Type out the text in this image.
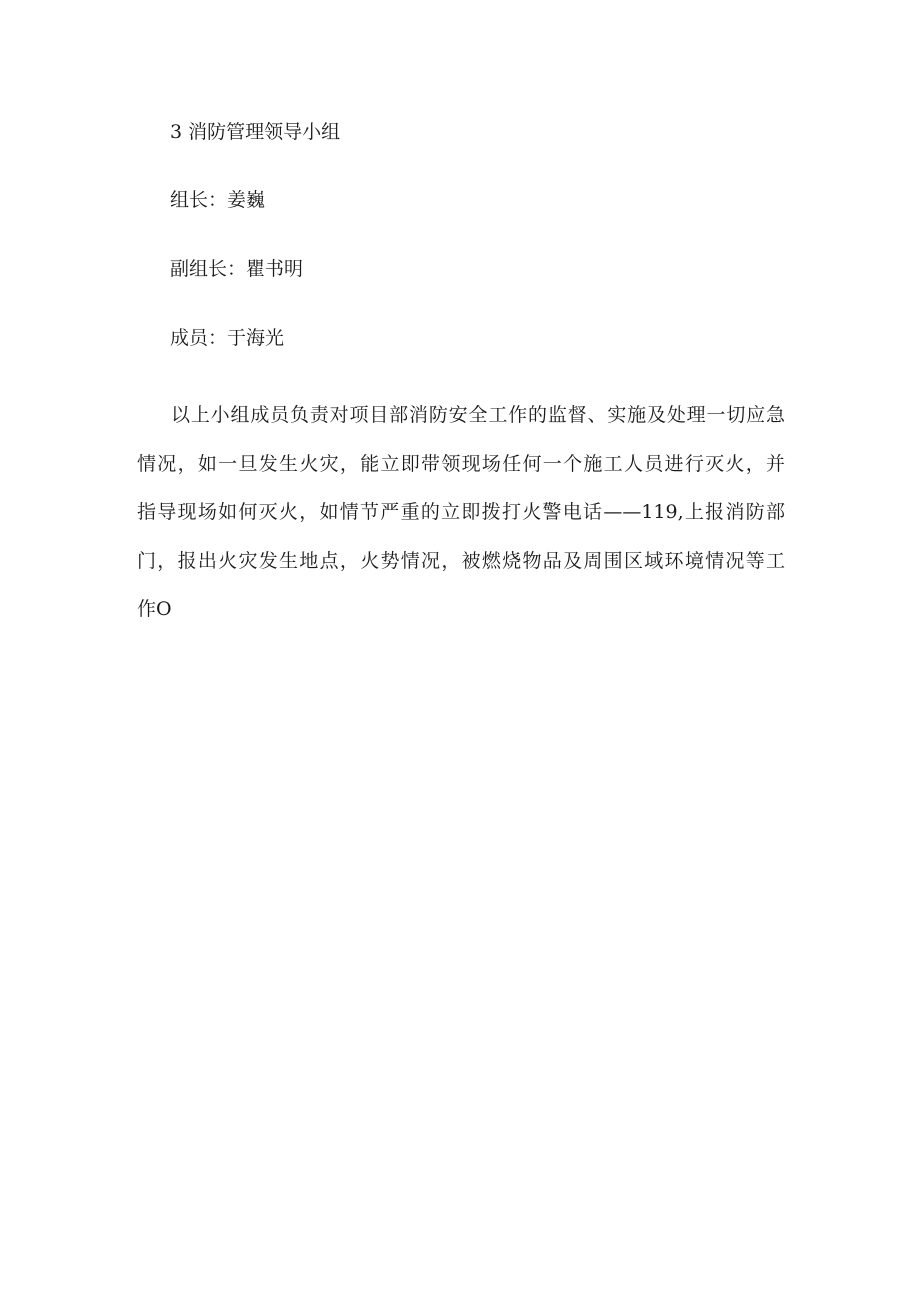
3 消防管理领导小组
组长：姜巍
副组长：瞿书明
成员：于海光
以上小组成员负责对项目部消防安全工作的监督、实施及处理一切应急
情况，如一旦发生火灾，能立即带领现场任何一个施工人员进行灭火，并
指导现场如何灭火，如情节严重的立即拨打火警电话——119,上报消防部
门，报出火灾发生地点，火势情况，被燃烧物品及周围区域环境情况等工
作O
